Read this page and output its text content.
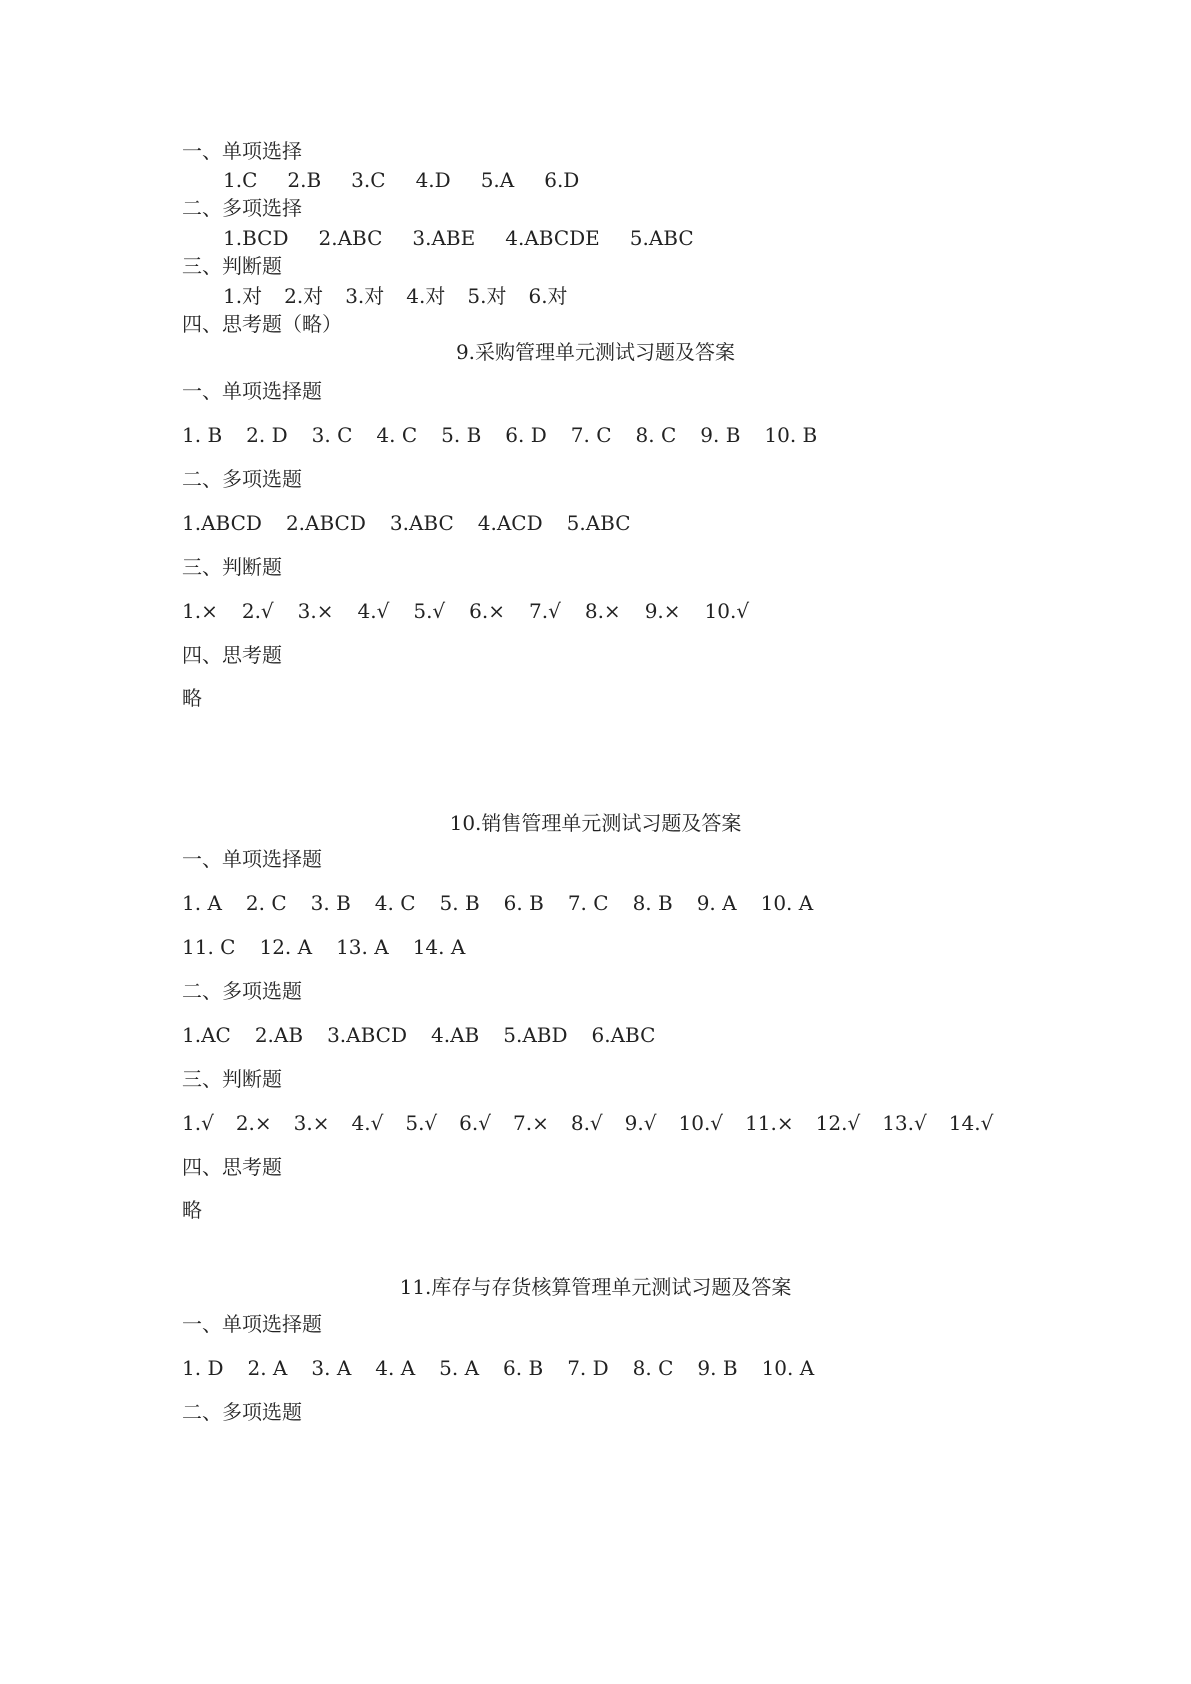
一、单项选择
1.C 2.B 3.C 4.D 5.A 6.D
二、多项选择
1.BCD 2.ABC 3.ABE 4.ABCDE 5.ABC
三、判断题
1.对 2.对 3.对 4.对 5.对 6.对
四、思考题（略）
9.采购管理单元测试习题及答案
一、单项选择题
1. B 2. D 3. C 4. C 5. B 6. D 7. C 8. C 9. B 10. B
二、多项选题
1.ABCD 2.ABCD 3.ABC 4.ACD 5.ABC
三、判断题
1.× 2.√ 3.× 4.√ 5.√ 6.× 7.√ 8.× 9.× 10.√
四、思考题
略
10.销售管理单元测试习题及答案
一、单项选择题
1. A 2. C 3. B 4. C 5. B 6. B 7. C 8. B 9. A 10. A
11. C 12. A 13. A 14. A
二、多项选题
1.AC 2.AB 3.ABCD 4.AB 5.ABD 6.ABC
三、判断题
1.√ 2.× 3.× 4.√ 5.√ 6.√ 7.× 8.√ 9.√ 10.√ 11.× 12.√ 13.√ 14.√
四、思考题
略
11.库存与存货核算管理单元测试习题及答案
一、单项选择题
1. D 2. A 3. A 4. A 5. A 6. B 7. D 8. C 9. B 10. A
二、多项选题
